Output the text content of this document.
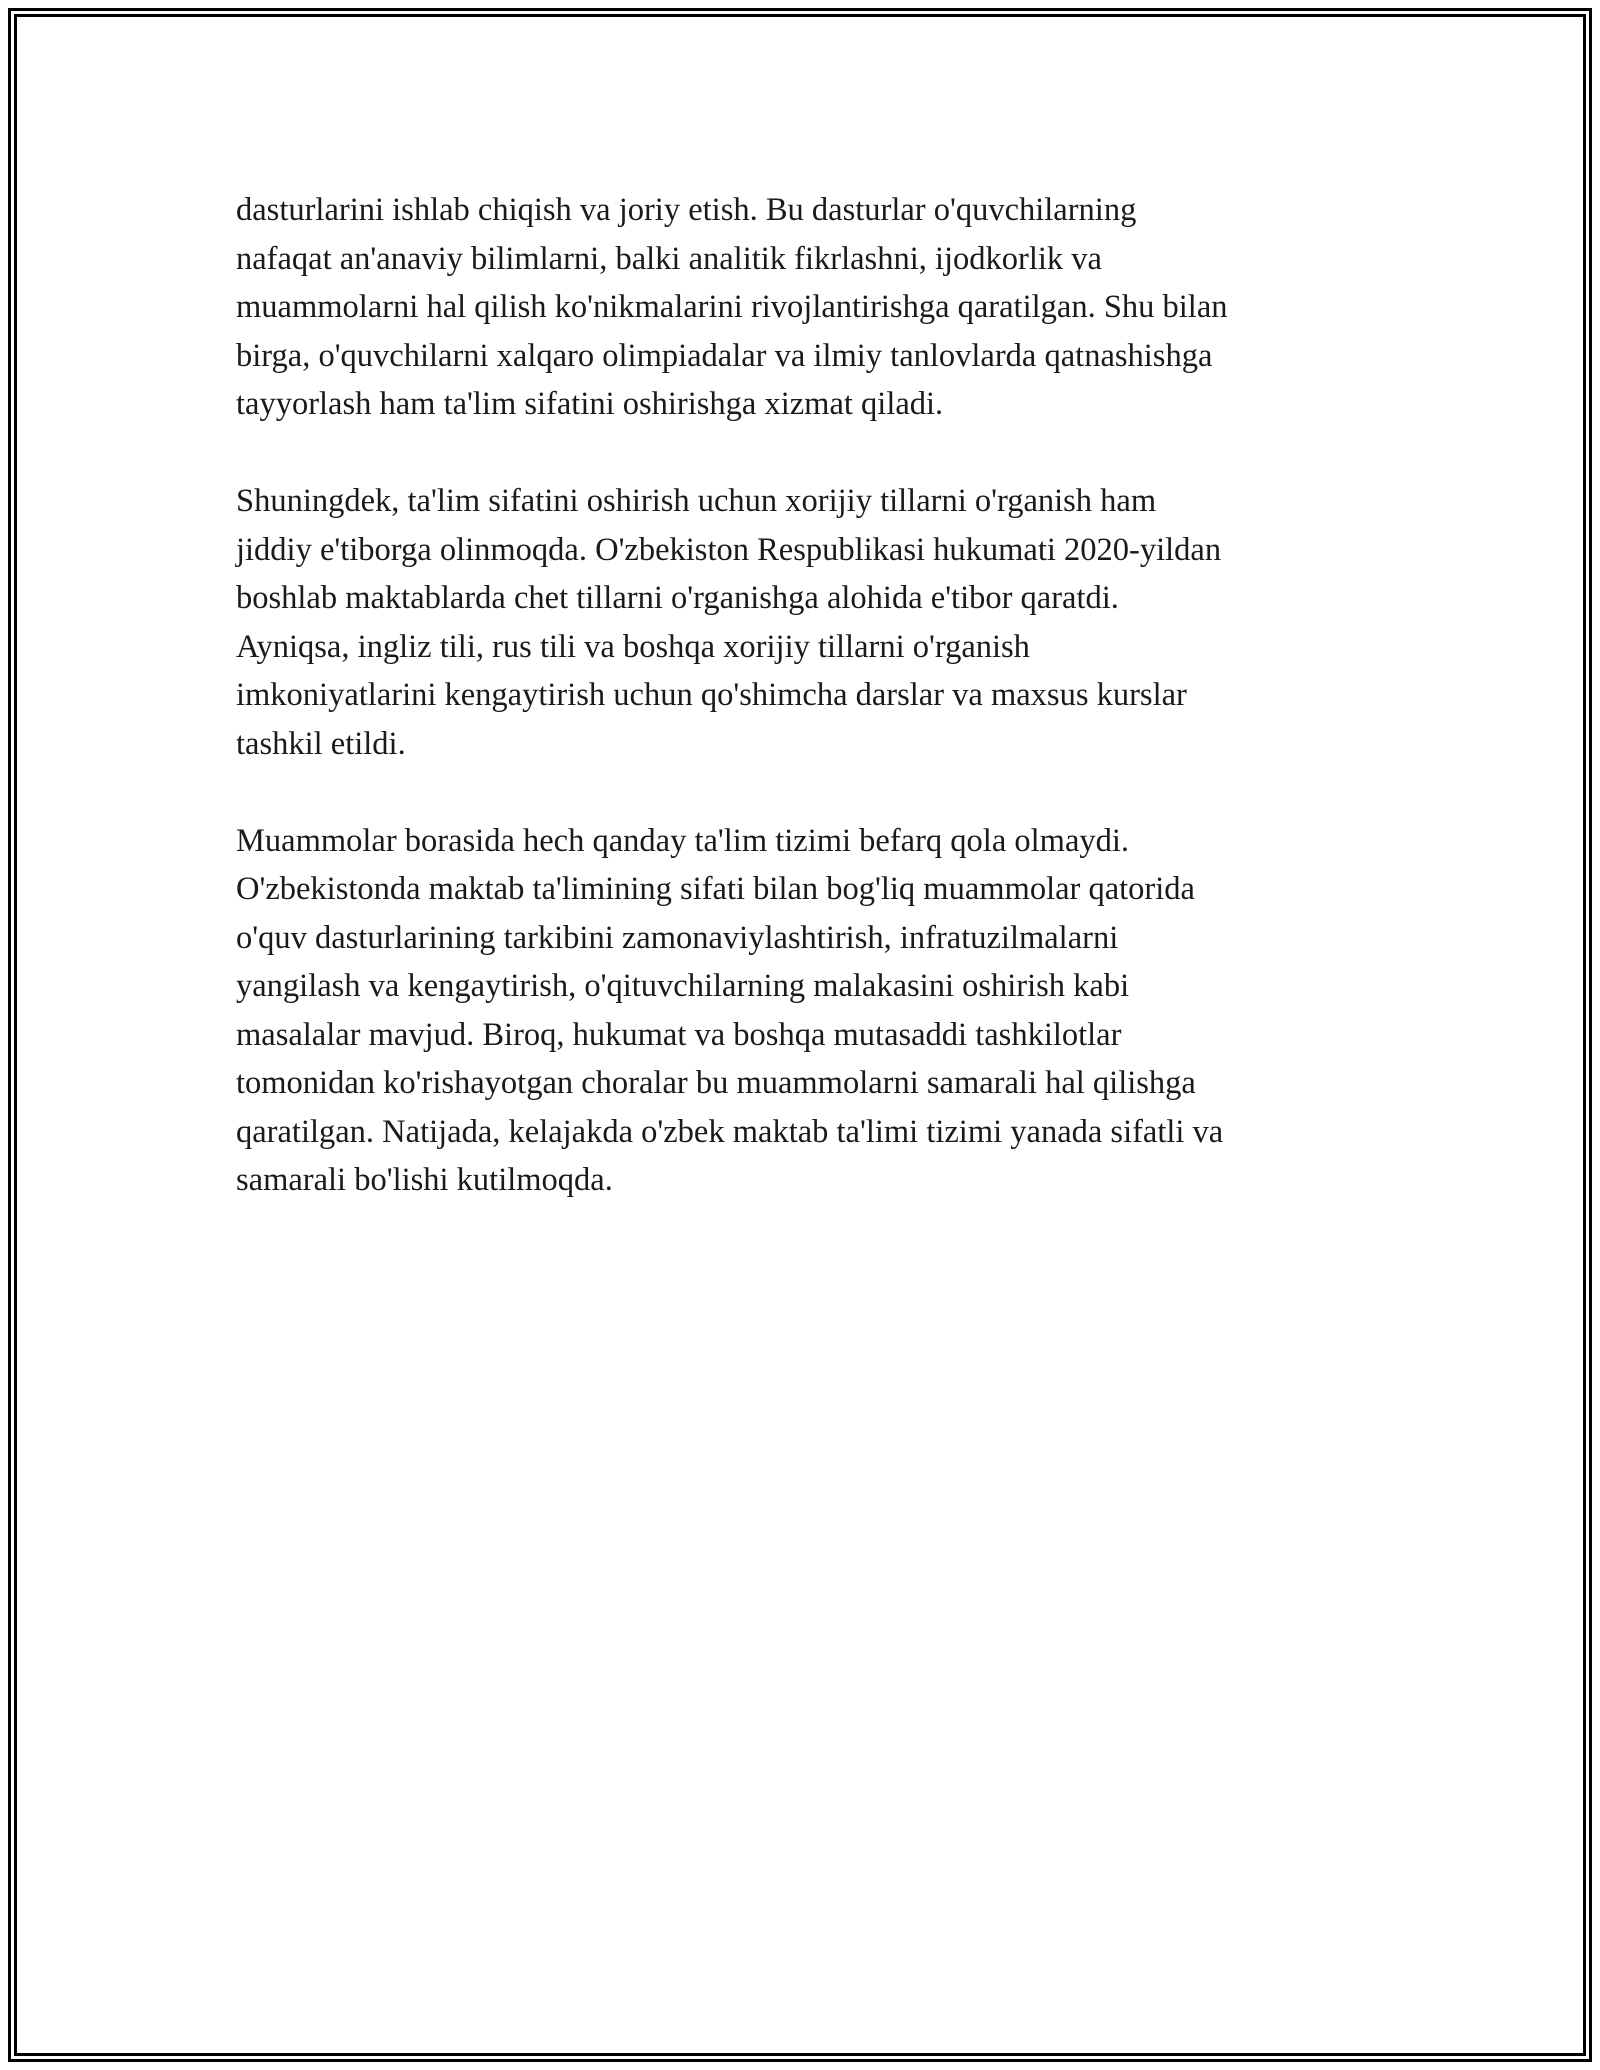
dasturlarini ishlab chiqish va joriy etish. Bu dasturlar o'quvchilarning
nafaqat an'anaviy bilimlarni, balki analitik fikrlashni, ijodkorlik va
muammolarni hal qilish ko'nikmalarini rivojlantirishga qaratilgan. Shu bilan
birga, o'quvchilarni xalqaro olimpiadalar va ilmiy tanlovlarda qatnashishga
tayyorlash ham ta'lim sifatini oshirishga xizmat qiladi.

Shuningdek, ta'lim sifatini oshirish uchun xorijiy tillarni o'rganish ham
jiddiy e'tiborga olinmoqda. O'zbekiston Respublikasi hukumati 2020-yildan
boshlab maktablarda chet tillarni o'rganishga alohida e'tibor qaratdi.
Ayniqsa, ingliz tili, rus tili va boshqa xorijiy tillarni o'rganish
imkoniyatlarini kengaytirish uchun qo'shimcha darslar va maxsus kurslar
tashkil etildi.

Muammolar borasida hech qanday ta'lim tizimi befarq qola olmaydi.
O'zbekistonda maktab ta'limining sifati bilan bog'liq muammolar qatorida
o'quv dasturlarining tarkibini zamonaviylashtirish, infratuzilmalarni
yangilash va kengaytirish, o'qituvchilarning malakasini oshirish kabi
masalalar mavjud. Biroq, hukumat va boshqa mutasaddi tashkilotlar
tomonidan ko'rishayotgan choralar bu muammolarni samarali hal qilishga
qaratilgan. Natijada, kelajakda o'zbek maktab ta'limi tizimi yanada sifatli va
samarali bo'lishi kutilmoqda.
